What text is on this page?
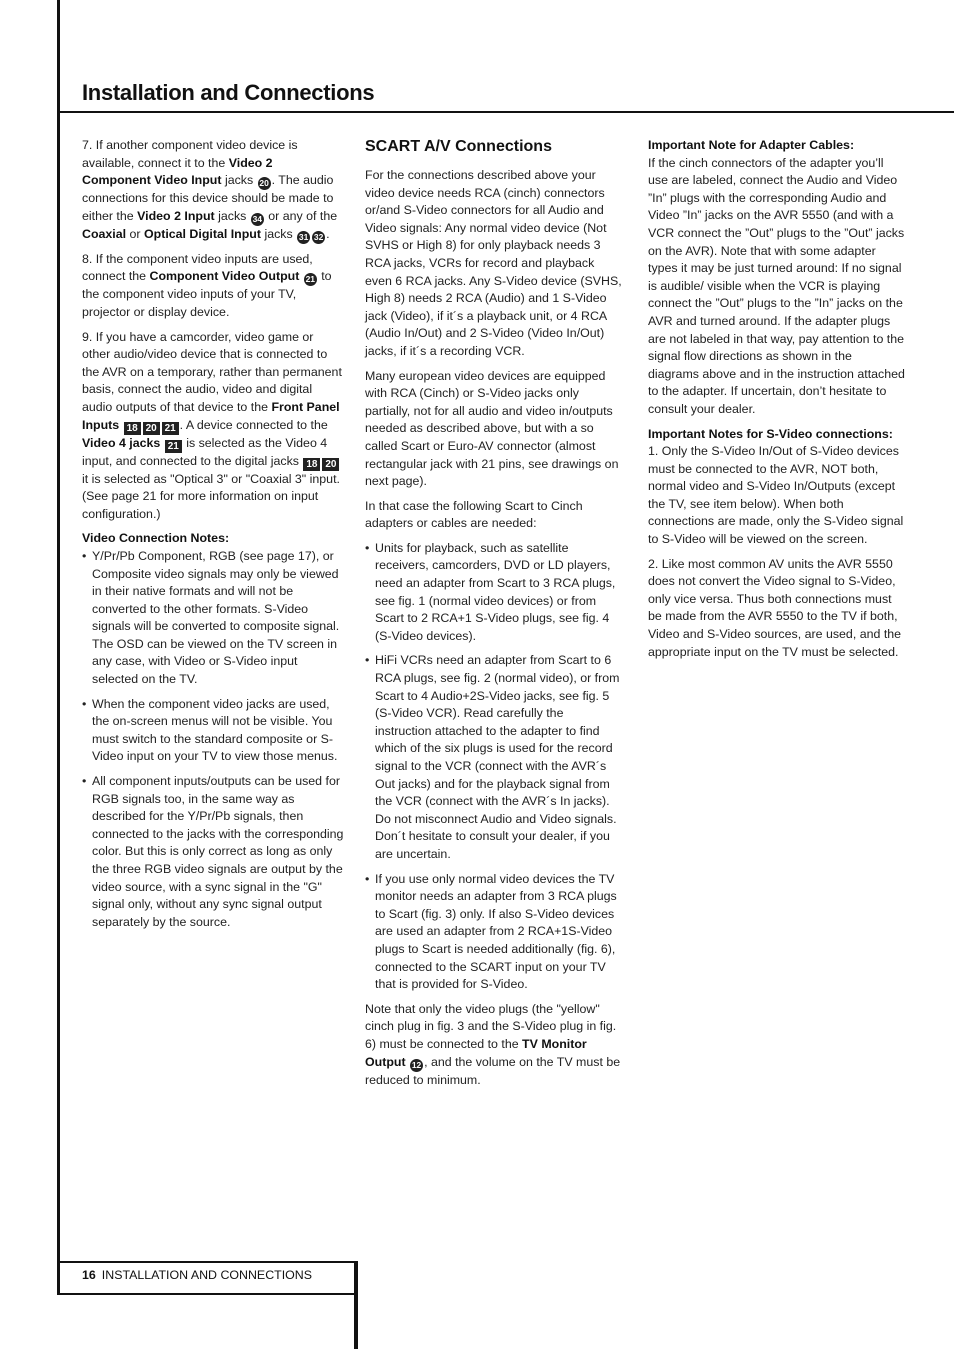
Installation and Connections

7. If another component video device is available, connect it to the Video 2 Component Video Input jacks 20 . The audio connections for this device should be made to either the Video 2 Input jacks 34 or any of the Coaxial or Optical Digital Input jacks 31 32 .

8. If the component video inputs are used, connect the Component Video Output 21 to the component video inputs of your TV, projector or display device.

9. If you have a camcorder, video game or other audio/video device that is connected to the AVR on a temporary, rather than permanent basis, connect the audio, video and digital audio outputs of that device to the Front Panel Inputs 18 20 21 . A device connected to the Video 4 jacks 21 is selected as the Video 4 input, and connected to the digital jacks 18 20 it is selected as "Optical 3" or "Coaxial 3" input. (See page 21 for more information on input configuration.)

Video Connection Notes:
• Y/Pr/Pb Component, RGB (see page 17), or Composite video signals may only be viewed in their native formats and will not be converted to the other formats. S-Video signals will be converted to composite signal. The OSD can be viewed on the TV screen in any case, with Video or S-Video input selected on the TV.
• When the component video jacks are used, the on-screen menus will not be visible. You must switch to the standard composite or S-Video input on your TV to view those menus.
• All component inputs/outputs can be used for RGB signals too, in the same way as described for the Y/Pr/Pb signals, then connected to the jacks with the corresponding color. But this is only correct as long as only the three RGB video signals are output by the video source, with a sync signal in the "G" signal only, without any sync signal output separately by the source.
SCART A/V Connections

For the connections described above your video device needs RCA (cinch) connectors or/and S-Video connectors for all Audio and Video signals: Any normal video device (Not SVHS or High 8) for only playback needs 3 RCA jacks, VCRs for record and playback even 6 RCA jacks. Any S-Video device (SVHS, High 8) needs 2 RCA (Audio) and 1 S-Video jack (Video), if it´s a playback unit, or 4 RCA (Audio In/Out) and 2 S-Video (Video In/Out) jacks, if it´s a recording VCR.

Many european video devices are equipped with RCA (Cinch) or S-Video jacks only partially, not for all audio and video in/outputs needed as described above, but with a so called Scart or Euro-AV connector (almost rectangular jack with 21 pins, see drawings on next page).

In that case the following Scart to Cinch adapters or cables are needed:

• Units for playback, such as satellite receivers, camcorders, DVD or LD players, need an adapter from Scart to 3 RCA plugs, see fig. 1 (normal video devices) or from Scart to 2 RCA+1 S-Video plugs, see fig. 4 (S-Video devices).
• HiFi VCRs need an adapter from Scart to 6 RCA plugs, see fig. 2 (normal video), or from Scart to 4 Audio+2S-Video jacks, see fig. 5 (S-Video VCR). Read carefully the instruction attached to the adapter to find which of the six plugs is used for the record signal to the VCR (connect with the AVR´s Out jacks) and for the playback signal from the VCR (connect with the AVR´s In jacks). Do not misconnect Audio and Video signals. Don´t hesitate to consult your dealer, if you are uncertain.
• If you use only normal video devices the TV monitor needs an adapter from 3 RCA plugs to Scart (fig. 3) only. If also S-Video devices are used an adapter from 2 RCA+1S-Video plugs to Scart is needed additionally (fig. 6), connected to the SCART input on your TV that is provided for S-Video.

Note that only the video plugs (the "yellow" cinch plug in fig. 3 and the S-Video plug in fig. 6) must be connected to the TV Monitor Output 12 , and the volume on the TV must be reduced to minimum.

Important Note for Adapter Cables:

If the cinch connectors of the adapter you’ll use are labeled, connect the Audio and Video ”In” plugs with the corresponding Audio and Video ”In” jacks on the AVR 5550 (and with a VCR connect the ”Out” plugs to the ”Out” jacks on the AVR). Note that with some adapter types it may be just turned around: If no signal is audible/ visible when the VCR is playing connect the ”Out” plugs to the ”In” jacks on the AVR and turned around. If the adapter plugs are not labeled in that way, pay attention to the signal flow directions as shown in the diagrams above and in the instruction attached to the adapter. If uncertain, don’t hesitate to consult your dealer.

Important Notes for S-Video connections:

1. Only the S-Video In/Out of S-Video devices must be connected to the AVR, NOT both, normal video and S-Video In/Outputs (except the TV, see item below). When both connections are made, only the S-Video signal to S-Video will be viewed on the screen.

2. Like most common AV units the AVR 5550 does not convert the Video signal to S-Video, only vice versa. Thus both connections must be made from the AVR 5550 to the TV if both, Video and S-Video sources, are used, and the appropriate input on the TV must be selected.

16 INSTALLATION AND CONNECTIONS
